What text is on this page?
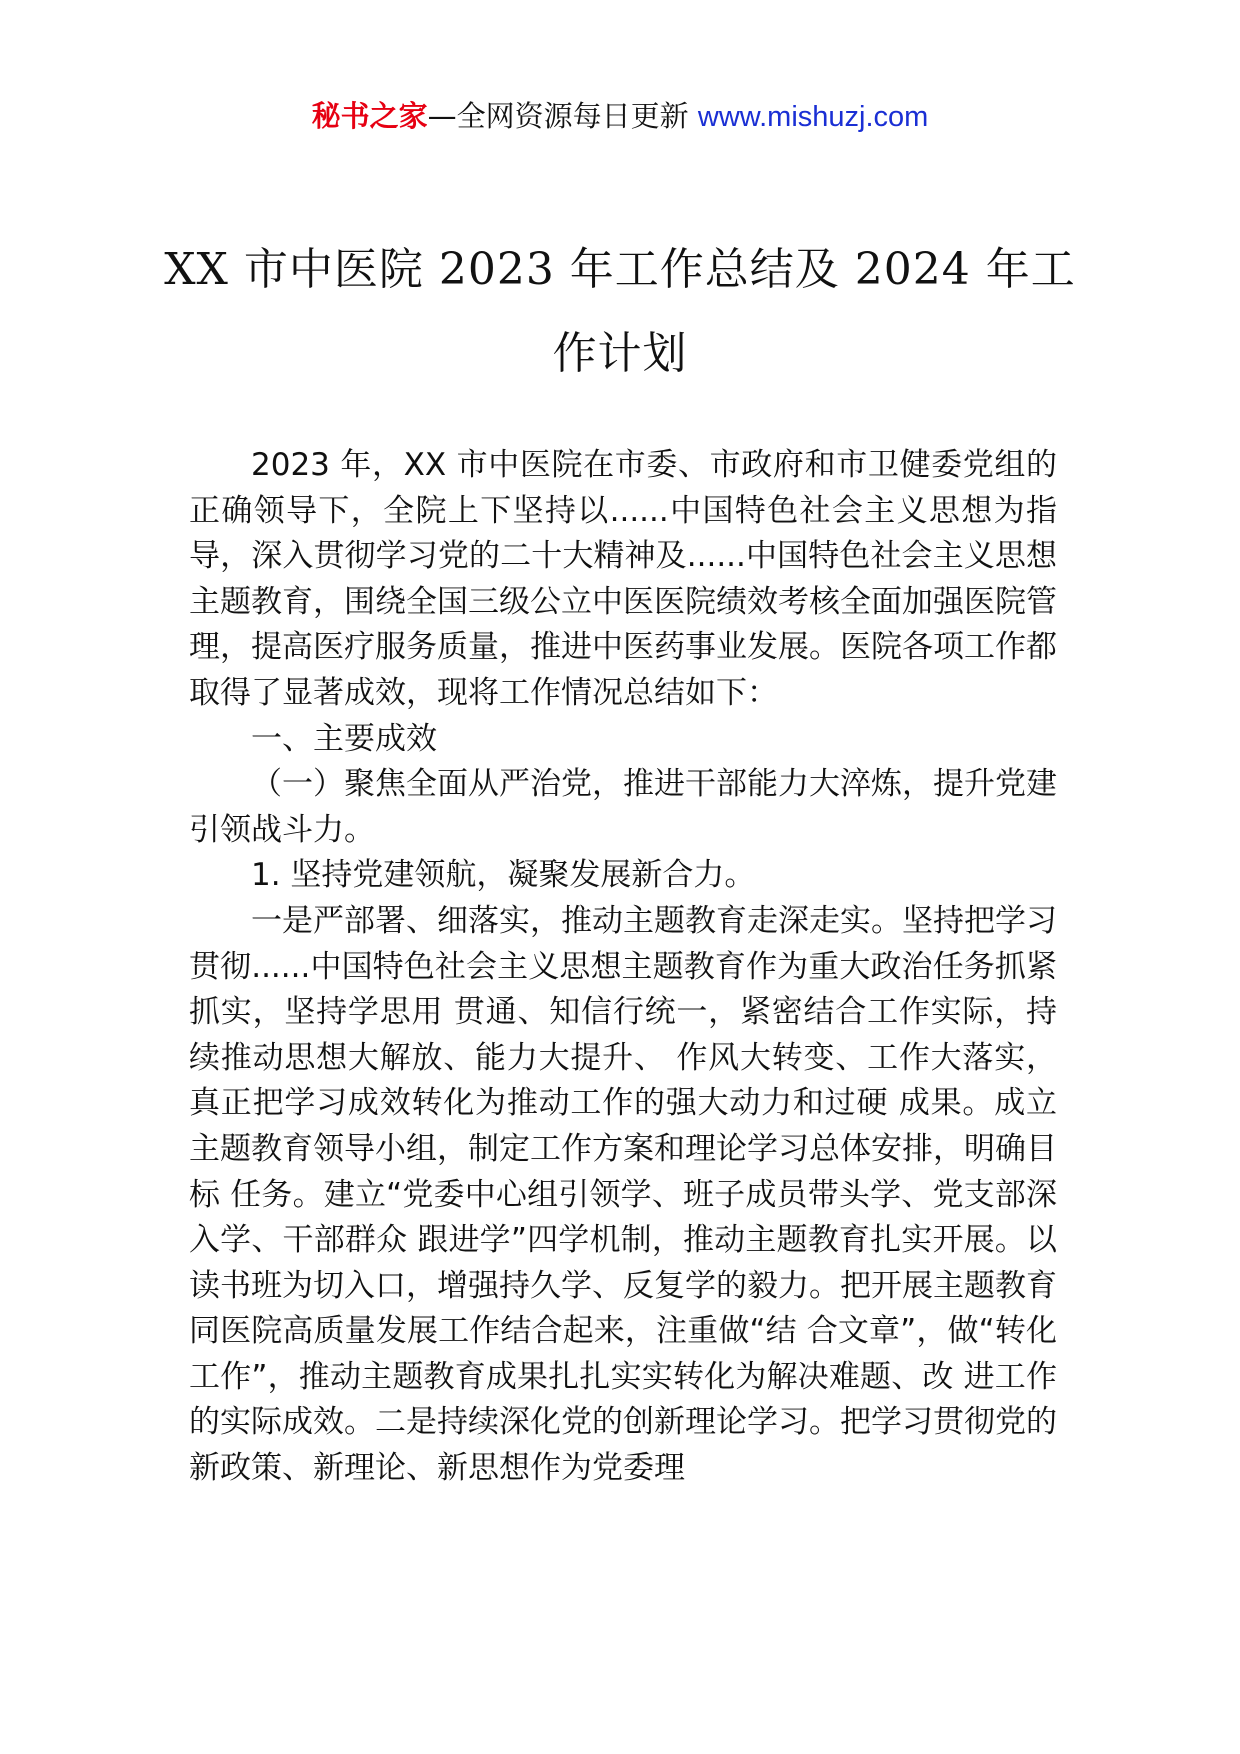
秘书之家—全网资源每日更新 www.mishuzj.com
XX 市中医院 2023 年工作总结及 2024 年工作计划

2023 年，XX 市中医院在市委、市政府和市卫健委党组的正确领导下，全院上下坚持以......中国特色社会主义思想为指导，深入贯彻学习党的二十大精神及......中国特色社会主义思想主题教育，围绕全国三级公立中医医院绩效考核全面加强医院管理，提高医疗服务质量，推进中医药事业发展。医院各项工作都取得了显著成效，现将工作情况总结如下：

一、主要成效

（一）聚焦全面从严治党，推进干部能力大淬炼，提升党建引领战斗力。

1. 坚持党建领航，凝聚发展新合力。

一是严部署、细落实，推动主题教育走深走实。坚持把学习贯彻......中国特色社会主义思想主题教育作为重大政治任务抓紧抓实，坚持学思用 贯通、知信行统一，紧密结合工作实际，持续推动思想大解放、能力大提升、 作风大转变、工作大落实，真正把学习成效转化为推动工作的强大动力和过硬 成果。成立主题教育领导小组，制定工作方案和理论学习总体安排，明确目标 任务。建立“党委中心组引领学、班子成员带头学、党支部深入学、干部群众 跟进学”四学机制，推动主题教育扎实开展。以读书班为切入口，增强持久学、反复学的毅力。把开展主题教育同医院高质量发展工作结合起来，注重做“结 合文章”，做“转化工作”，推动主题教育成果扎扎实实转化为解决难题、改 进工作的实际成效。二是持续深化党的创新理论学习。把学习贯彻党的新政策、新理论、新思想作为党委理
